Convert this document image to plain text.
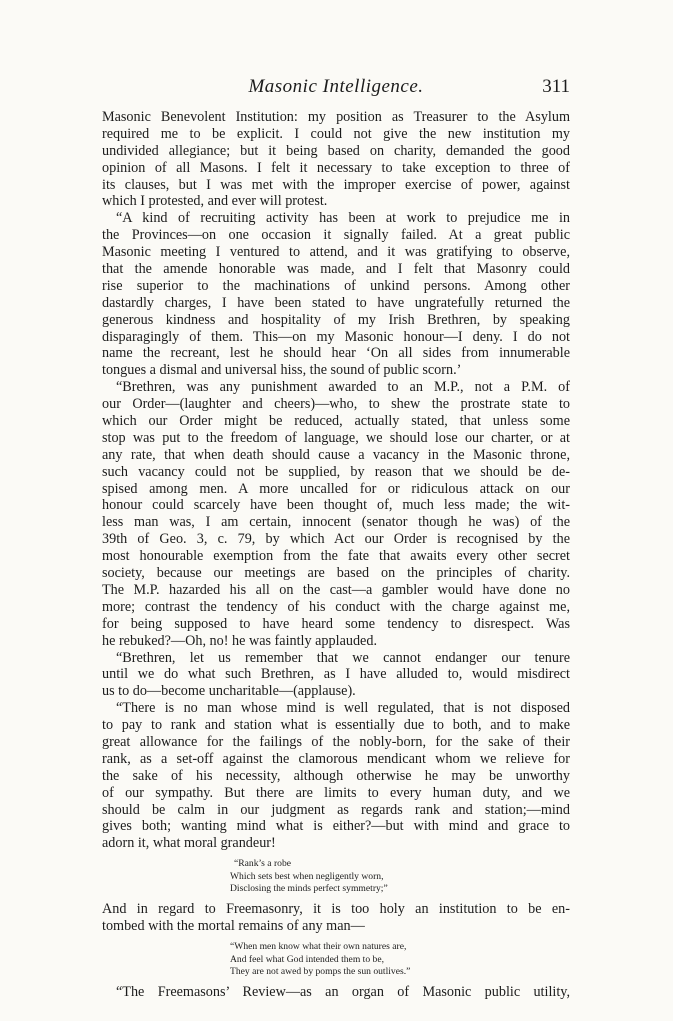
Masonic Intelligence.	311
Masonic Benevolent Institution: my position as Treasurer to the Asylum
required me to be explicit. I could not give the new institution my
undivided allegiance; but it being based on charity, demanded the good
opinion of all Masons. I felt it necessary to take exception to three of
its clauses, but I was met with the improper exercise of power, against
which I protested, and ever will protest.
“A kind of recruiting activity has been at work to prejudice me in
the Provinces—on one occasion it signally failed. At a great public
Masonic meeting I ventured to attend, and it was gratifying to observe,
that the amende honorable was made, and I felt that Masonry could
rise superior to the machinations of unkind persons. Among other
dastardly charges, I have been stated to have ungratefully returned the
generous kindness and hospitality of my Irish Brethren, by speaking
disparagingly of them. This—on my Masonic honour—I deny. I do not
name the recreant, lest he should hear ‘On all sides from innumerable
tongues a dismal and universal hiss, the sound of public scorn.’
“Brethren, was any punishment awarded to an M.P., not a P.M. of
our Order—(laughter and cheers)—who, to shew the prostrate state to
which our Order might be reduced, actually stated, that unless some
stop was put to the freedom of language, we should lose our charter, or at
any rate, that when death should cause a vacancy in the Masonic throne,
such vacancy could not be supplied, by reason that we should be de-
spised among men. A more uncalled for or ridiculous attack on our
honour could scarcely have been thought of, much less made; the wit-
less man was, I am certain, innocent (senator though he was) of the
39th of Geo. 3, c. 79, by which Act our Order is recognised by the
most honourable exemption from the fate that awaits every other secret
society, because our meetings are based on the principles of charity.
The M.P. hazarded his all on the cast—a gambler would have done no
more; contrast the tendency of his conduct with the charge against me,
for being supposed to have heard some tendency to disrespect. Was
he rebuked?—Oh, no! he was faintly applauded.
“Brethren, let us remember that we cannot endanger our tenure
until we do what such Brethren, as I have alluded to, would misdirect
us to do—become uncharitable—(applause).
“There is no man whose mind is well regulated, that is not disposed
to pay to rank and station what is essentially due to both, and to make
great allowance for the failings of the nobly-born, for the sake of their
rank, as a set-off against the clamorous mendicant whom we relieve for
the sake of his necessity, although otherwise he may be unworthy
of our sympathy. But there are limits to every human duty, and we
should be calm in our judgment as regards rank and station;—mind
gives both; wanting mind what is either?—but with mind and grace to
adorn it, what moral grandeur!
“Rank’s a robe
Which sets best when negligently worn,
Disclosing the minds perfect symmetry;”
And in regard to Freemasonry, it is too holy an institution to be en-
tombed with the mortal remains of any man—
“When men know what their own natures are,
And feel what God intended them to be,
They are not awed by pomps the sun outlives.”
“The Freemasons’ Review—as an organ of Masonic public utility,
